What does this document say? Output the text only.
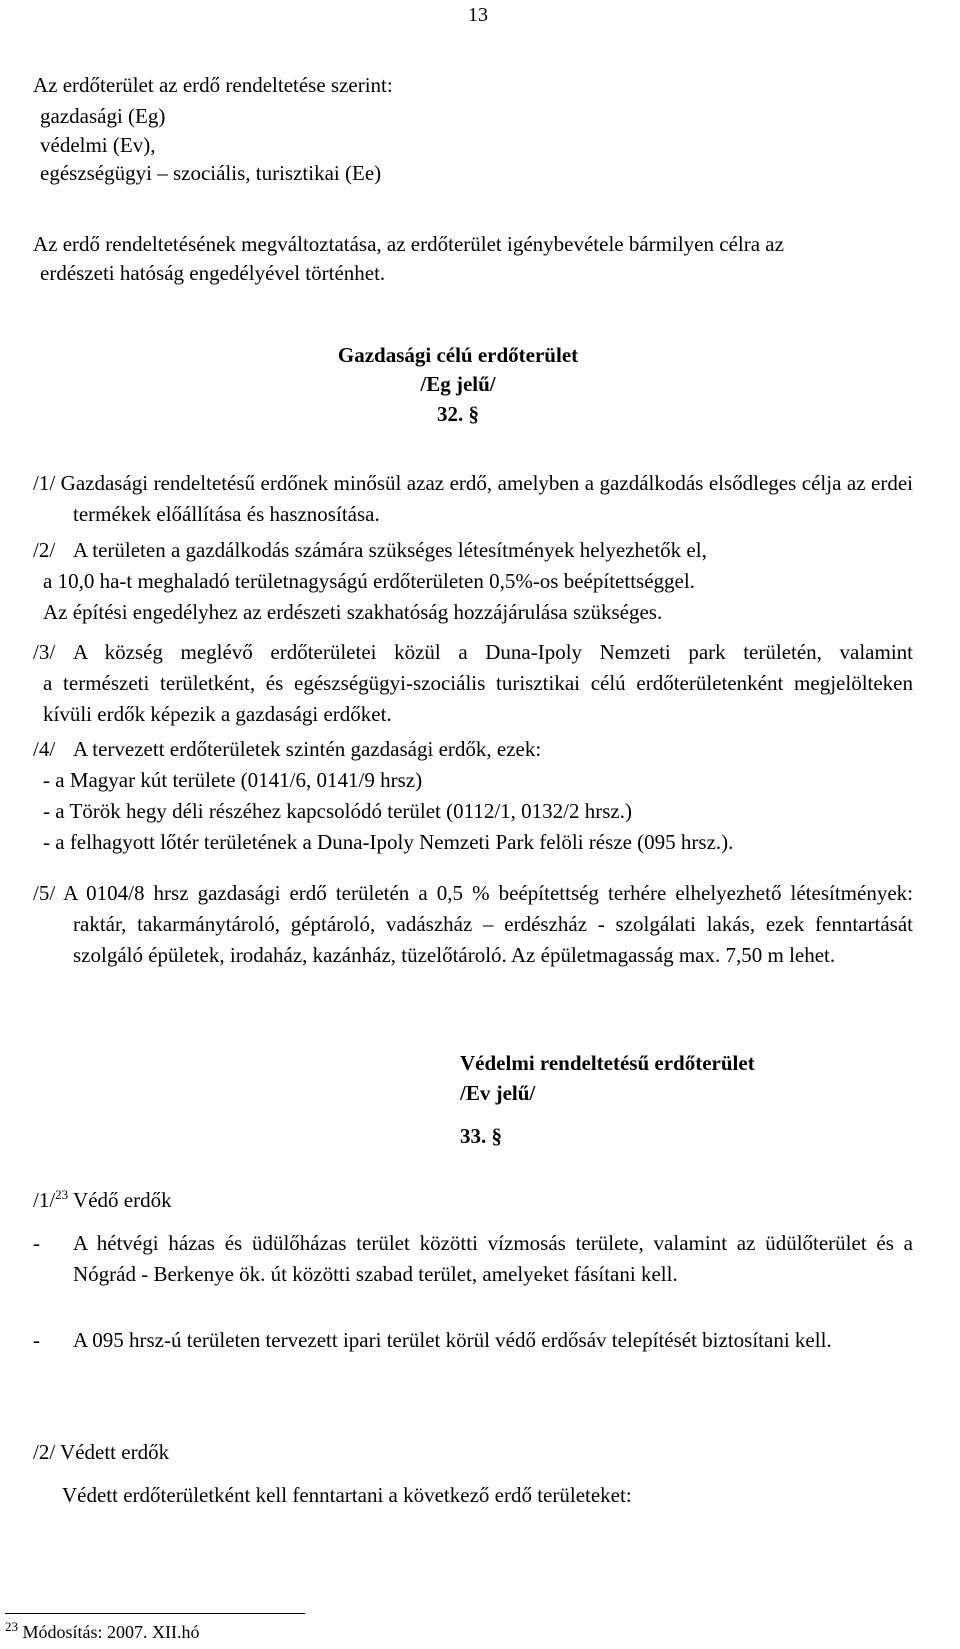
13
Az erdőterület az erdő rendeltetése szerint:
gazdasági (Eg)
védelmi (Ev),
egészségügyi – szociális, turisztikai (Ee)
Az erdő rendeltetésének megváltoztatása, az erdőterület igénybevétele bármilyen célra az
erdészeti hatóság engedélyével történhet.
Gazdasági célú erdőterület
/Eg jelű/
32. §
/1/ Gazdasági rendeltetésű erdőnek minősül azaz erdő, amelyben a gazdálkodás elsődleges célja az erdei termékek előállítása és hasznosítása.
/2/ A területen a gazdálkodás számára szükséges létesítmények helyezhetők el,
a 10,0 ha-t meghaladó területnagyságú erdőterületen 0,5%-os beépítettséggel.
Az építési engedélyhez az erdészeti szakhatóság hozzájárulása szükséges.
/3/ A község meglévő erdőterületei közül a Duna-Ipoly Nemzeti park területén, valamint
a természeti területként, és egészségügyi-szociális turisztikai célú erdőterületenként megjelölteken kívüli erdők képezik a gazdasági erdőket.
/4/ A tervezett erdőterületek szintén gazdasági erdők, ezek:
- a Magyar kút területe (0141/6, 0141/9 hrsz)
- a Török hegy déli részéhez kapcsolódó terület (0112/1, 0132/2 hrsz.)
- a felhagyott lőtér területének a Duna-Ipoly Nemzeti Park felöli része (095 hrsz.).
/5/ A 0104/8 hrsz gazdasági erdő területén a 0,5 % beépítettség terhére elhelyezhető létesítmények: raktár, takarmánytároló, géptároló, vadászház – erdészház - szolgálati lakás, ezek fenntartását szolgáló épületek, irodaház, kazánház, tüzelőtároló. Az épületmagasság max. 7,50 m lehet.
Védelmi rendeltetésű erdőterület
/Ev jelű/
33. §
/1/$^{23}$ Védő erdők
-	A hétvégi házas és üdülőházas terület közötti vízmosás területe, valamint az üdülőterület és a Nógrád - Berkenye ök. út közötti szabad terület, amelyeket fásítani kell.
-	A 095 hrsz-ú területen tervezett ipari terület körül védő erdősáv telepítését biztosítani kell.
/2/ Védett erdők
Védett erdőterületként kell fenntartani a következő erdő területeket:
$^{23}$ Módosítás: 2007. XII.hó
